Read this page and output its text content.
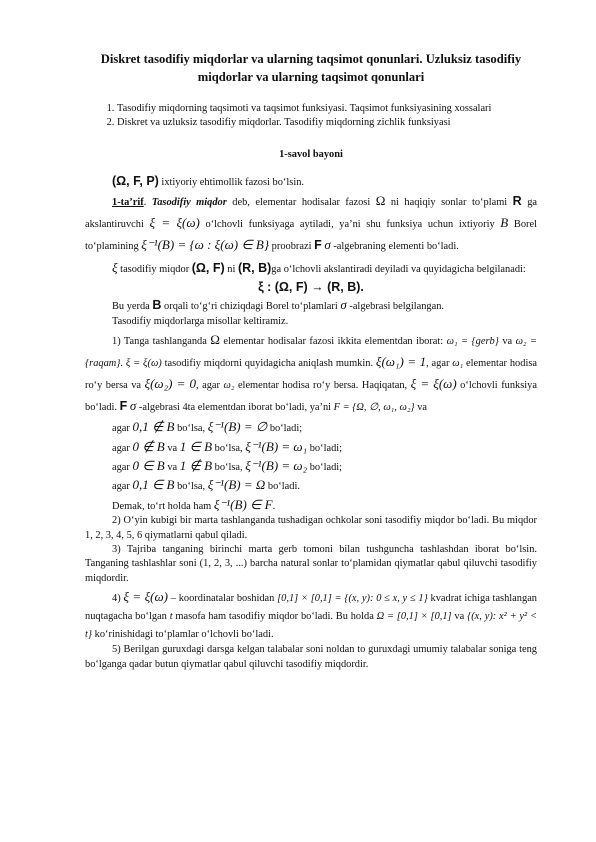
Diskret tasodifiy miqdorlar va ularning taqsimot qonunlari. Uzluksiz tasodifiy miqdorlar va ularning taqsimot qonunlari
1. Tasodifiy miqdorning taqsimoti va taqsimot funksiyasi. Taqsimot funksiyasining xossalari
2. Diskret va uzluksiz tasodifiy miqdorlar. Tasodifiy miqdorning zichlik funksiyasi
1-savol bayoni

(Ω, F, P) ixtiyoriy ehtimollik fazosi bo‘lsin.

1-ta’rif. Tasodifiy miqdor deb, elementar hodisalar fazosi Ω ni haqiqiy sonlar to‘plami R ga akslantiruvchi ξ = ξ(ω) o‘lchovli funksiyaga aytiladi, ya’ni shu funksiya uchun ixtiyoriy B Borel to‘plamining ξ⁻¹(B) = {ω : ξ(ω) ∈ B} proobrazi F σ -algebraning elementi bo‘ladi.

ξ tasodifiy miqdor (Ω, F) ni (R, B)ga o‘lchovli akslantiradi deyiladi va quyidagicha belgilanadi:

ξ : (Ω, F) → (R, B).

Bu yerda B orqali to‘g‘ri chiziqdagi Borel to‘plamlari σ -algebrasi belgilangan.

Tasodifiy miqdorlarga misollar keltiramiz.

1) Tanga tashlanganda Ω elementar hodisalar fazosi ikkita elementdan iborat: ω₁ = {gerb} va ω₂ = {raqam}. ξ = ξ(ω) tasodifiy miqdorni quyidagicha aniqlash mumkin. ξ(ω₁) = 1, agar ω₁ elementar hodisa ro‘y bersa va ξ(ω₂) = 0, agar ω₂ elementar hodisa ro‘y bersa. Haqiqatan, ξ = ξ(ω) o‘lchovli funksiya bo‘ladi. F σ -algebrasi 4ta elementdan iborat bo‘ladi, ya’ni F = {Ω, ∅, ω₁, ω₂} va

agar 0,1 ∉ B bo‘lsa, ξ⁻¹(B) = ∅ bo‘ladi;

agar 0 ∉ B va 1 ∈ B bo‘lsa, ξ⁻¹(B) = ω₁ bo‘ladi;

agar 0 ∈ B va 1 ∉ B bo‘lsa, ξ⁻¹(B) = ω₂ bo‘ladi;

agar 0,1 ∈ B bo‘lsa, ξ⁻¹(B) = Ω bo‘ladi.

Demak, to‘rt holda ham ξ⁻¹(B) ∈ F.

2) O‘yin kubigi bir marta tashlanganda tushadigan ochkolar soni tasodifiy miqdor bo‘ladi. Bu miqdor 1, 2, 3, 4, 5, 6 qiymatlarni qabul qiladi.

3) Tajriba tanganing birinchi marta gerb tomoni bilan tushguncha tashlashdan iborat bo‘lsin. Tanganing tashlashlar soni (1, 2, 3, ...) barcha natural sonlar to‘plamidan qiymatlar qabul qiluvchi tasodifiy miqdordir.

4) ξ = ξ(ω) – koordinatalar boshidan [0,1] × [0,1] = {(x, y): 0 ≤ x, y ≤ 1} kvadrat ichiga tashlangan nuqtagacha bo‘lgan t masofa ham tasodifiy miqdor bo‘ladi. Bu holda Ω = [0,1] × [0,1] va {(x, y): x² + y² < t} ko‘rinishidagi to‘plamlar o‘lchovli bo‘ladi.

5) Berilgan guruxdagi darsga kelgan talabalar soni noldan to guruxdagi umumiy talabalar soniga teng bo‘lganga qadar butun qiymatlar qabul qiluvchi tasodifiy miqdordir.
